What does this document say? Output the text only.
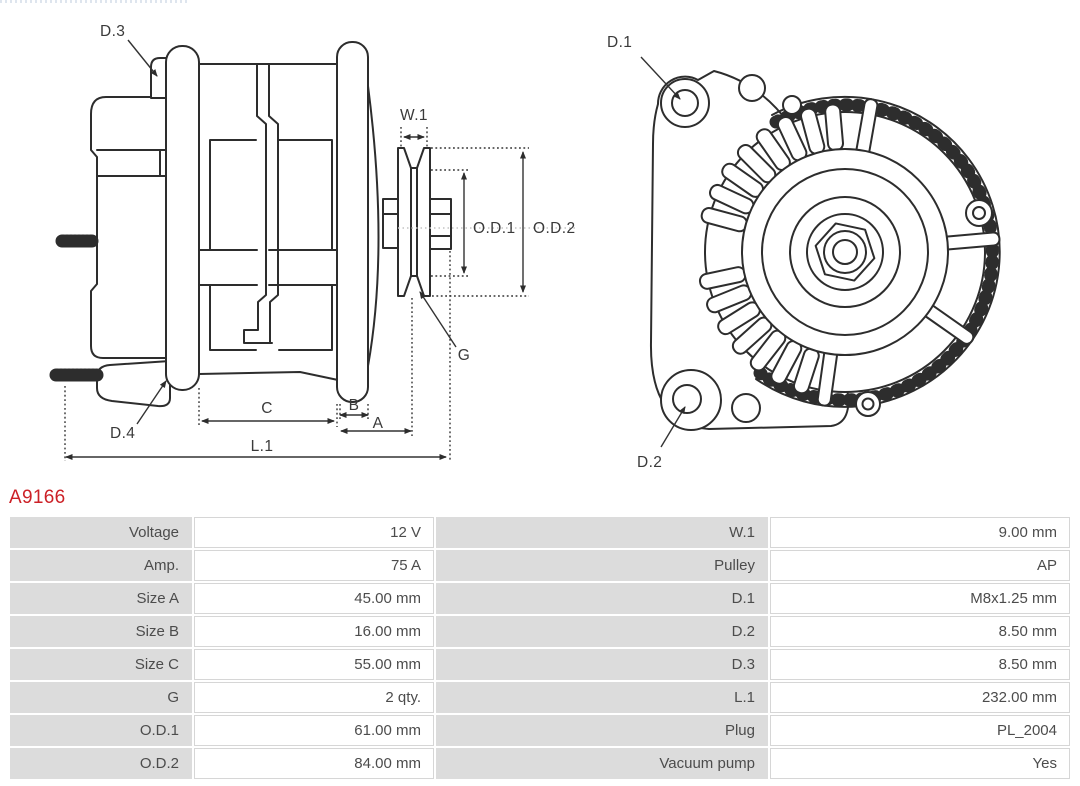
D.3
W.1
O.D.1 O.D.2
G
D.4
C	B
A
L.1
D.1
D.2
A9166
Voltage	12 V	W.1	9.00 mm
Amp.	75 A	Pulley	AP
Size A	45.00 mm	D.1	M8x1.25 mm
Size B	16.00 mm	D.2	8.50 mm
Size C	55.00 mm	D.3	8.50 mm
G	2 qty.	L.1	232.00 mm
O.D.1	61.00 mm	Plug	PL_2004
O.D.2	84.00 mm	Vacuum pump	Yes
